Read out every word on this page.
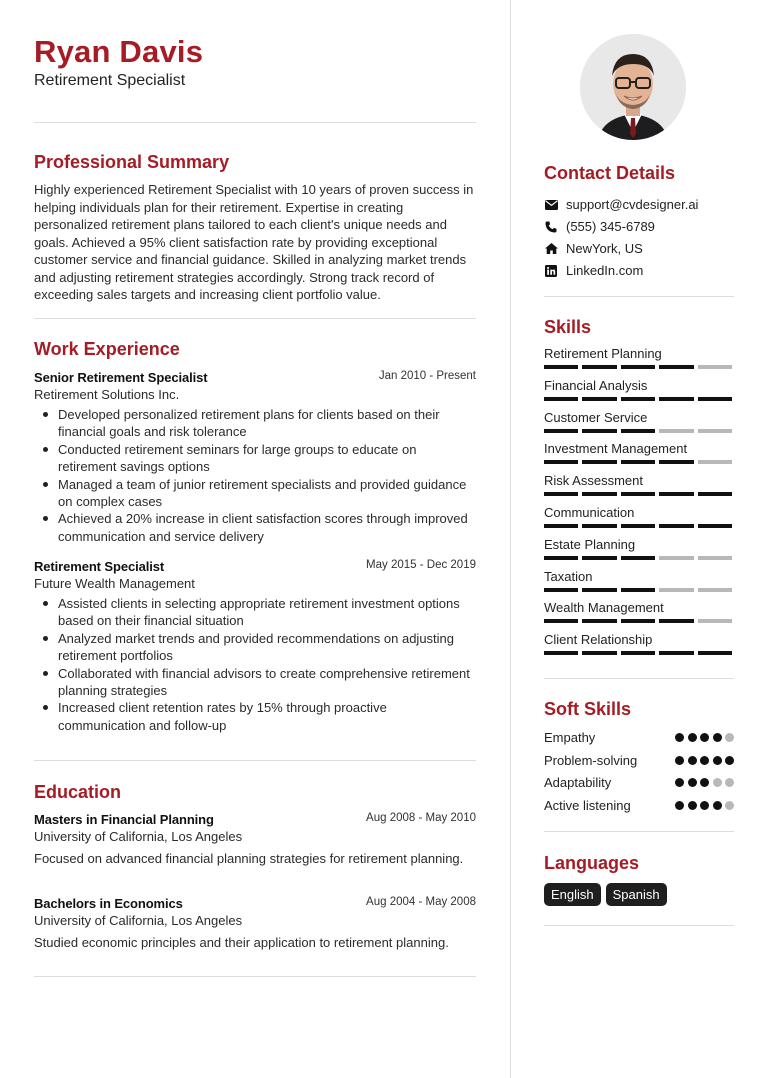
Ryan Davis
Retirement Specialist
Professional Summary
Highly experienced Retirement Specialist with 10 years of proven success in helping individuals plan for their retirement. Expertise in creating personalized retirement plans tailored to each client's unique needs and goals. Achieved a 95% client satisfaction rate by providing exceptional customer service and financial guidance. Skilled in analyzing market trends and adjusting retirement strategies accordingly. Strong track record of exceeding sales targets and increasing client portfolio value.
Work Experience
Senior Retirement Specialist	Jan 2010 - Present
Retirement Solutions Inc.
Developed personalized retirement plans for clients based on their financial goals and risk tolerance
Conducted retirement seminars for large groups to educate on retirement savings options
Managed a team of junior retirement specialists and provided guidance on complex cases
Achieved a 20% increase in client satisfaction scores through improved communication and service delivery
Retirement Specialist	May 2015 - Dec 2019
Future Wealth Management
Assisted clients in selecting appropriate retirement investment options based on their financial situation
Analyzed market trends and provided recommendations on adjusting retirement portfolios
Collaborated with financial advisors to create comprehensive retirement planning strategies
Increased client retention rates by 15% through proactive communication and follow-up
Education
Masters in Financial Planning	Aug 2008 - May 2010
University of California, Los Angeles
Focused on advanced financial planning strategies for retirement planning.
Bachelors in Economics	Aug 2004 - May 2008
University of California, Los Angeles
Studied economic principles and their application to retirement planning.
Contact Details
support@cvdesigner.ai
(555) 345-6789
NewYork, US
LinkedIn.com
Skills
Retirement Planning
Financial Analysis
Customer Service
Investment Management
Risk Assessment
Communication
Estate Planning
Taxation
Wealth Management
Client Relationship
Soft Skills
Empathy
Problem-solving
Adaptability
Active listening
Languages
English	Spanish
